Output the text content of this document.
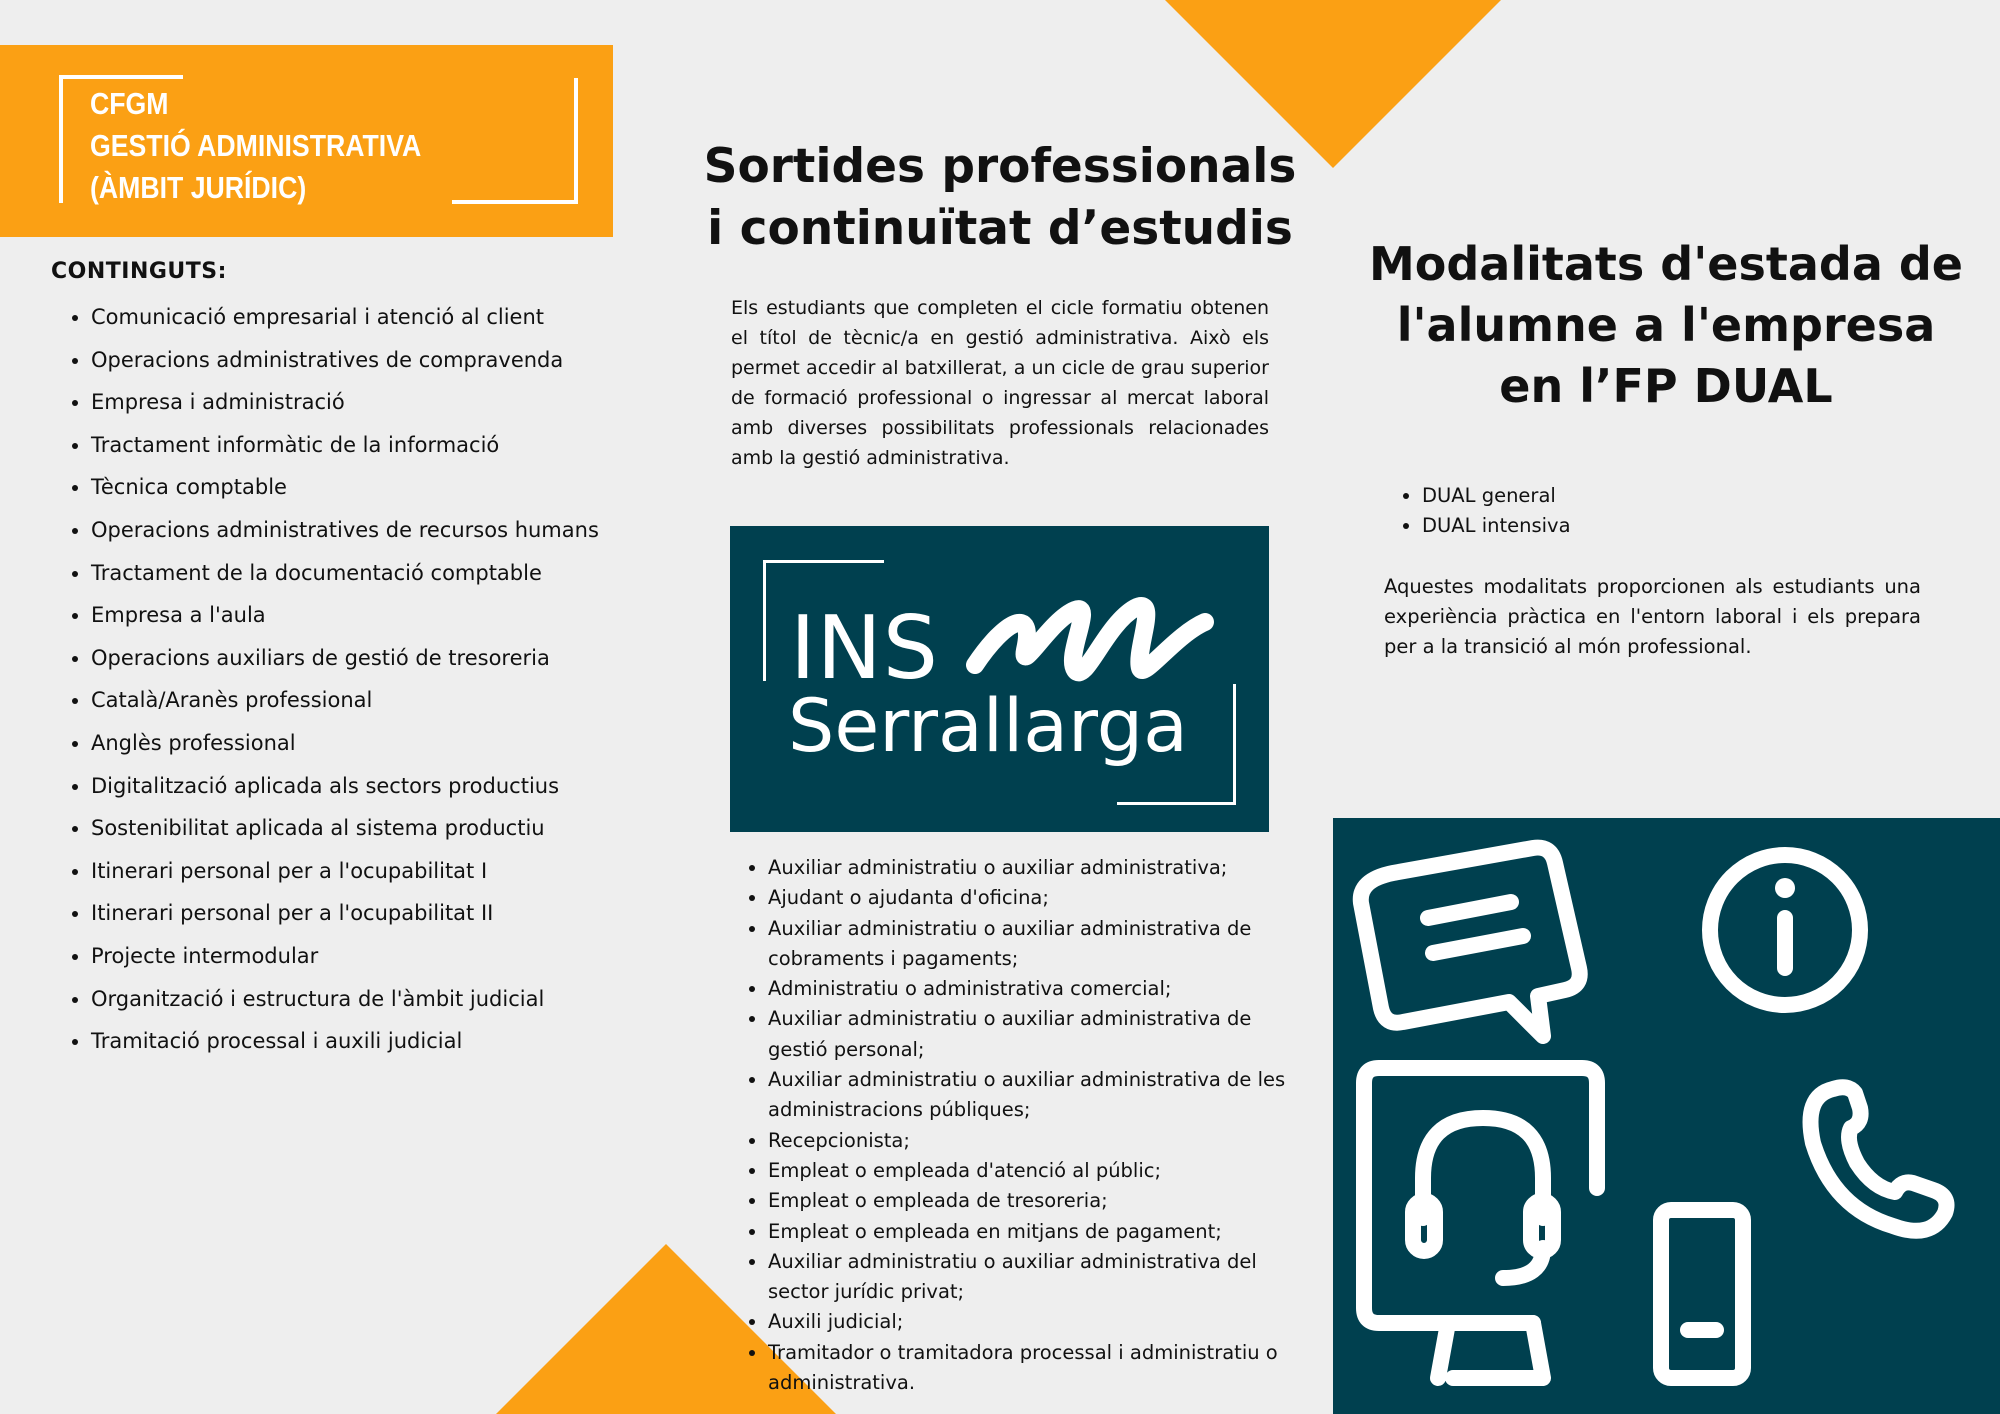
CFGM
GESTIÓ ADMINISTRATIVA
(ÀMBIT JURÍDIC)
CONTINGUTS:
• Comunicació empresarial i atenció al client
• Operacions administratives de compravenda
• Empresa i administració
• Tractament informàtic de la informació
• Tècnica comptable
• Operacions administratives de recursos humans
• Tractament de la documentació comptable
• Empresa a l'aula
• Operacions auxiliars de gestió de tresoreria
• Català/Aranès professional
• Anglès professional
• Digitalització aplicada als sectors productius
• Sostenibilitat aplicada al sistema productiu
• Itinerari personal per a l'ocupabilitat I
• Itinerari personal per a l'ocupabilitat II
• Projecte intermodular
• Organització i estructura de l'àmbit judicial
• Tramitació processal i auxili judicial
Sortides professionals i continuïtat d’estudis

Els estudiants que completen el cicle formatiu obtenen el títol de tècnic/a en gestió administrativa. Això els permet accedir al batxillerat, a un cicle de grau superior de formació professional o ingressar al mercat laboral amb diverses possibilitats professionals relacionades amb la gestió administrativa.

INS
Serrallarga
• Auxiliar administratiu o auxiliar administrativa;
• Ajudant o ajudanta d'oficina;
• Auxiliar administratiu o auxiliar administrativa de cobraments i pagaments;
• Administratiu o administrativa comercial;
• Auxiliar administratiu o auxiliar administrativa de gestió personal;
• Auxiliar administratiu o auxiliar administrativa de les administracions públiques;
• Recepcionista;
• Empleat o empleada d'atenció al públic;
• Empleat o empleada de tresoreria;
• Empleat o empleada en mitjans de pagament;
• Auxiliar administratiu o auxiliar administrativa del sector jurídic privat;
• Auxili judicial;
• Tramitador o tramitadora processal i administratiu o administrativa.
Modalitats d'estada de l'alumne a l'empresa en l’FP DUAL
• DUAL general
• DUAL intensiva

Aquestes modalitats proporcionen als estudiants una experiència pràctica en l'entorn laboral i els prepara per a la transició al món professional.
